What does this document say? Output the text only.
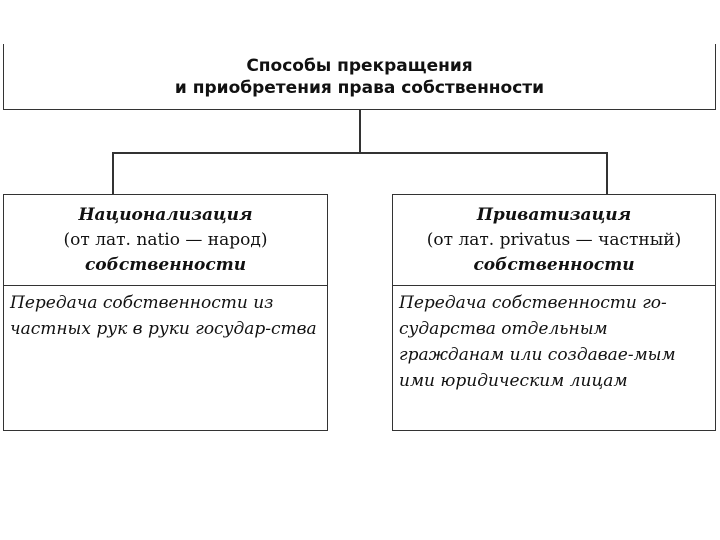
Способы прекращения
и приобретения права собственности
Национализация
(от лат. natio — народ)
собственности
Передача собственности из частных рук в руки государ-ства
Приватизация
(от лат. privatus — частный)
собственности
Передача собственности го-сударства отдельным гражданам или создавае-мым ими юридическим лицам
